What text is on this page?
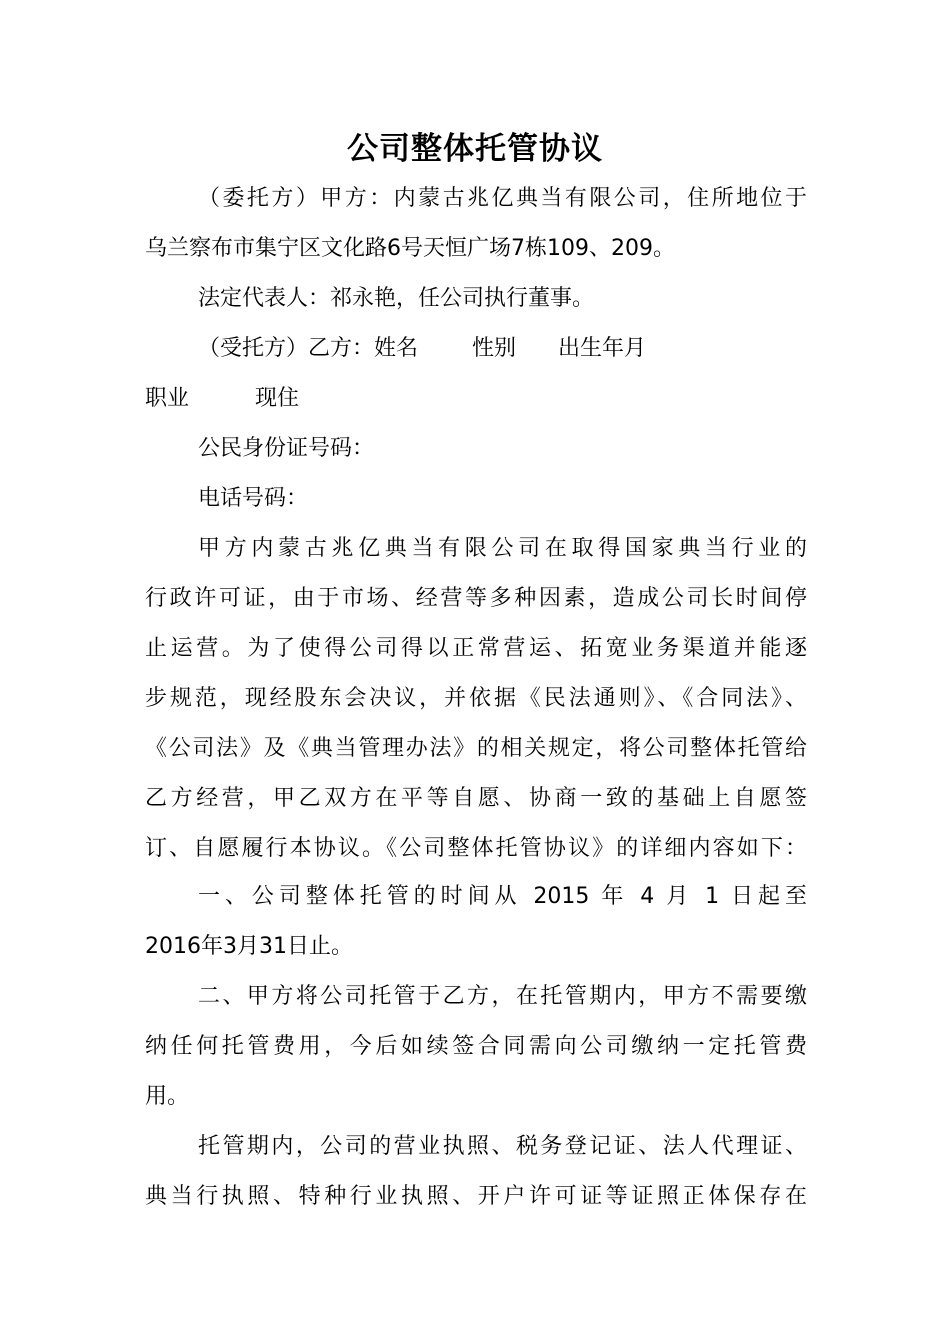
公司整体托管协议
（委托方）甲方：内蒙古兆亿典当有限公司，住所地位于
乌兰察布市集宁区文化路6号天恒广场7栋109、209。
法定代表人：祁永艳，任公司执行董事。
（受托方）乙方：姓名 性别 出生年月
职业	现住
公民身份证号码：
电话号码：
甲方内蒙古兆亿典当有限公司在取得国家典当行业的
行政许可证，由于市场、经营等多种因素，造成公司长时间停
止运营。为了使得公司得以正常营运、拓宽业务渠道并能逐
步规范，现经股东会决议，并依据《民法通则》、《合同法》、
《公司法》及《典当管理办法》的相关规定，将公司整体托管给
乙方经营，甲乙双方在平等自愿、协商一致的基础上自愿签
订、自愿履行本协议。《公司整体托管协议》的详细内容如下：
一、公司整体托管的时间从 2015 年 4 月 1 日起至
2016年3月31日止。
二、甲方将公司托管于乙方，在托管期内，甲方不需要缴
纳任何托管费用，今后如续签合同需向公司缴纳一定托管费
用。
托管期内，公司的营业执照、税务登记证、法人代理证、
典当行执照、特种行业执照、开户许可证等证照正体保存在
